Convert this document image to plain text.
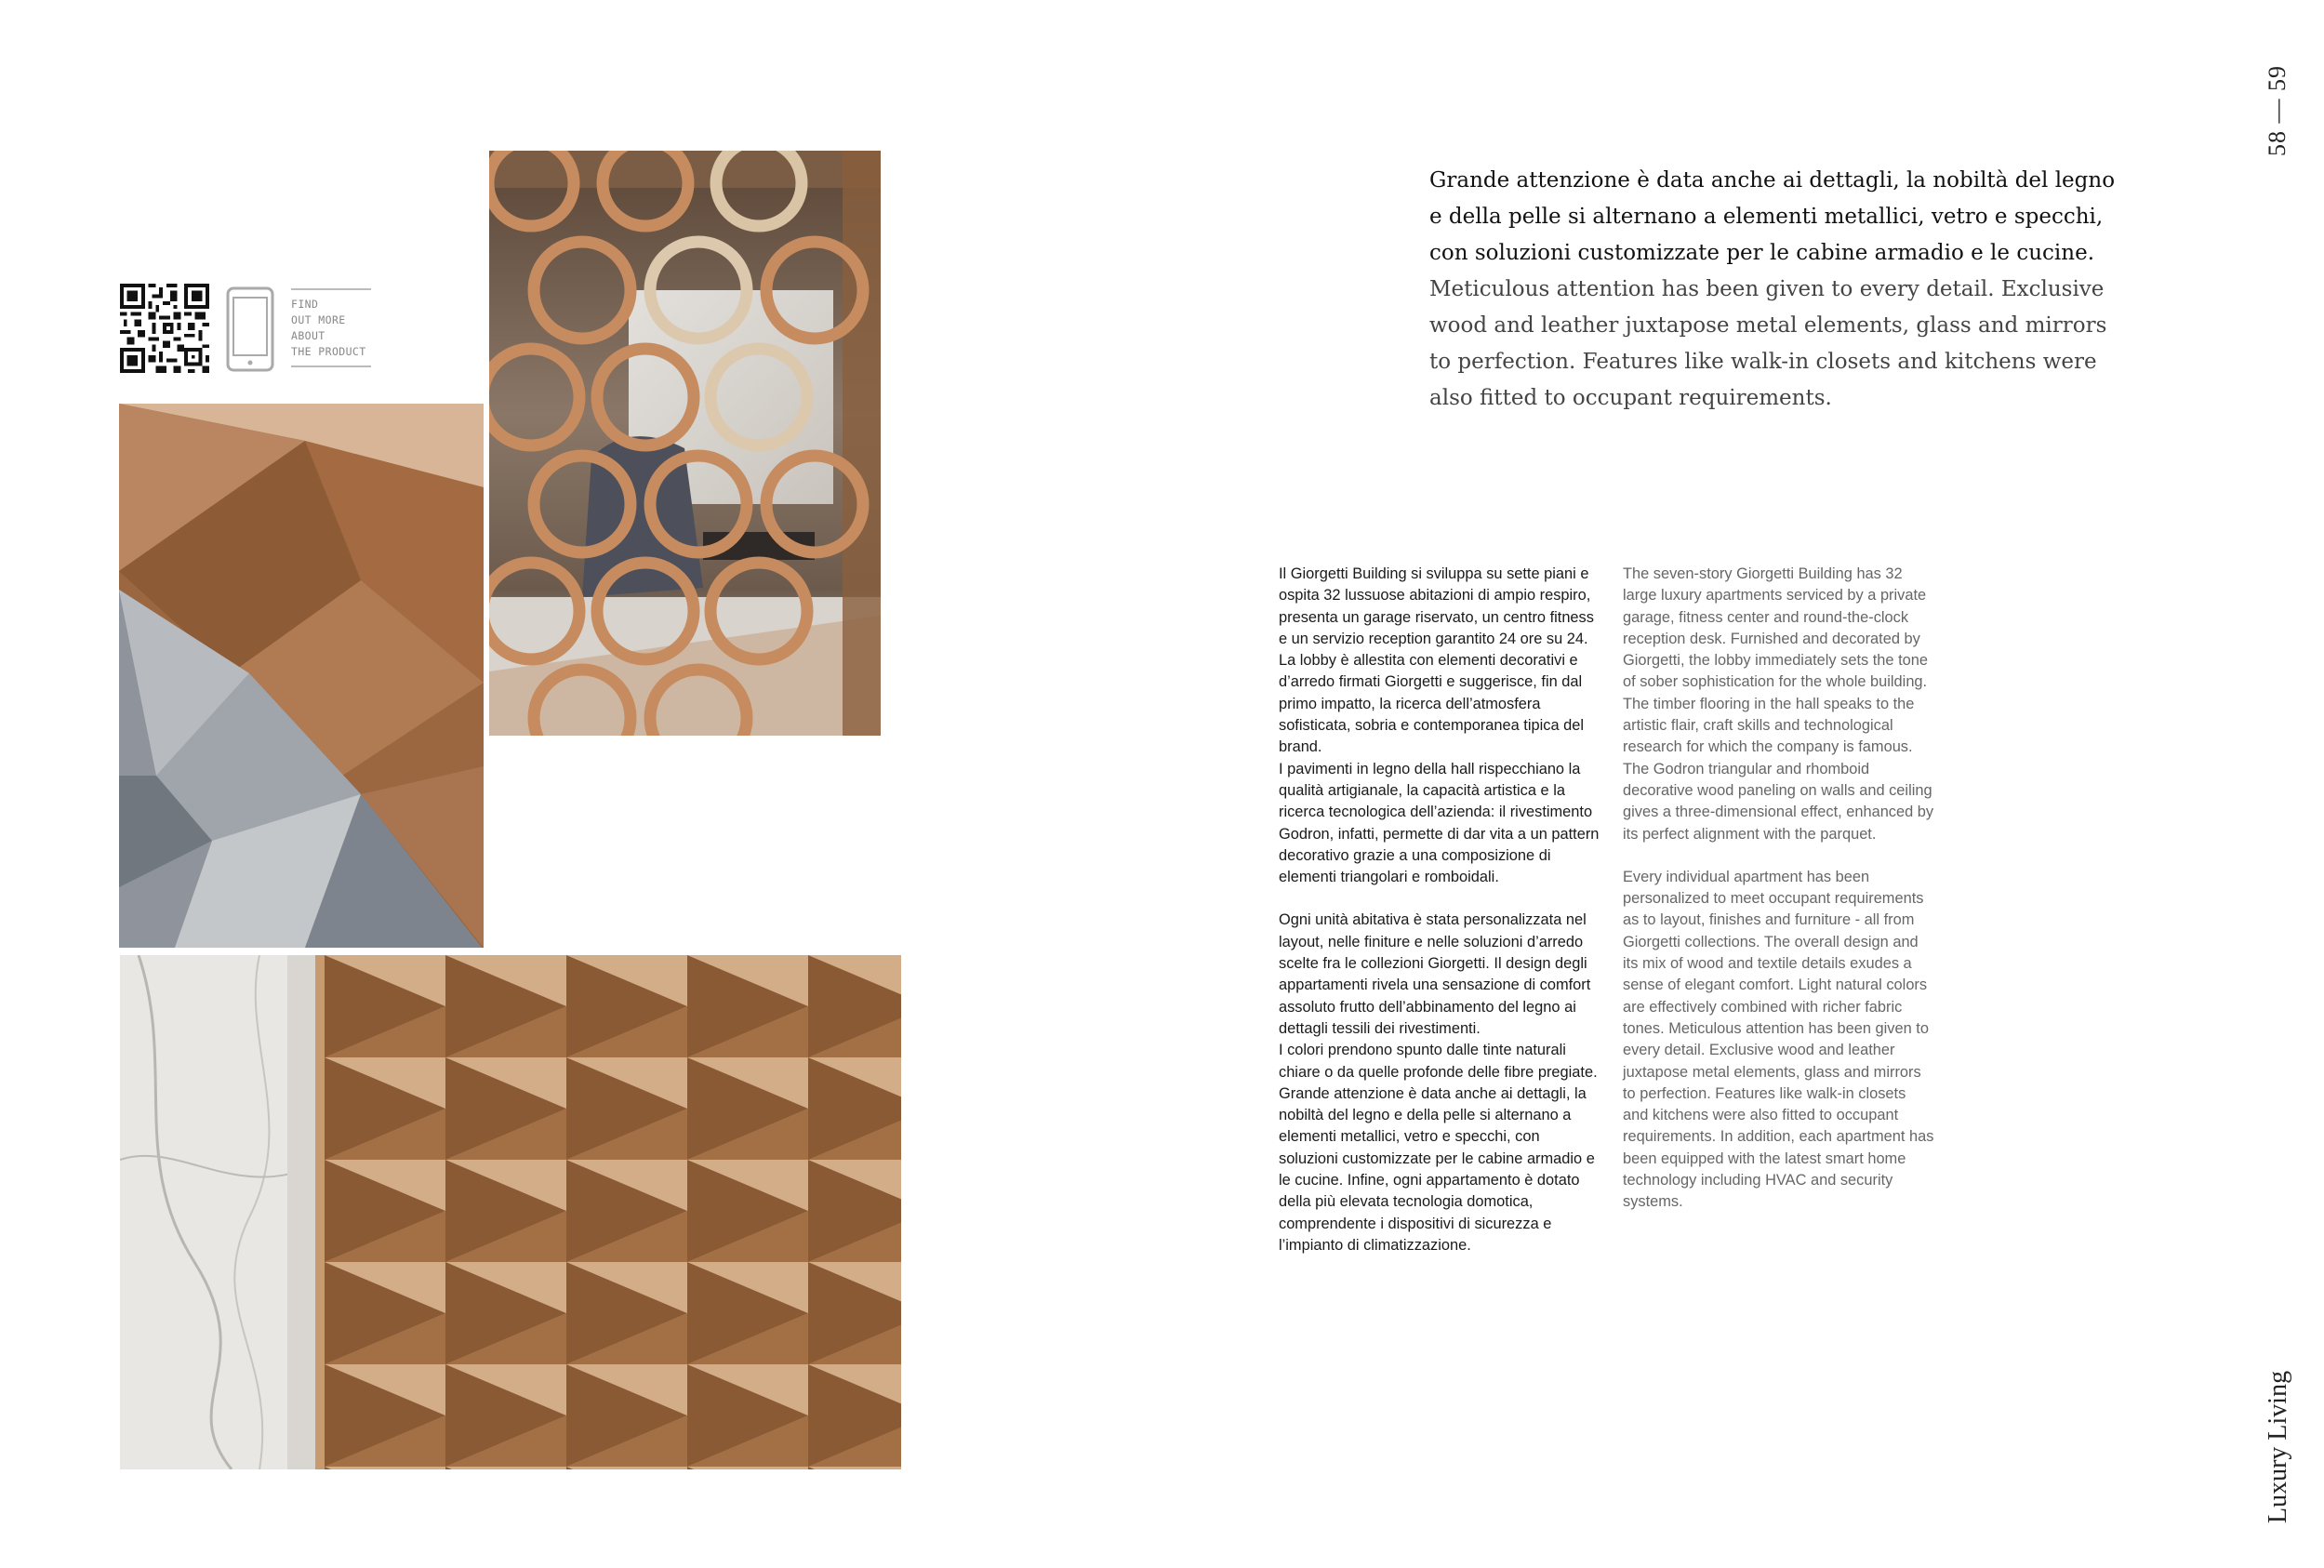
FIND
OUT MORE
ABOUT
THE PRODUCT
Grande attenzione è data anche ai dettagli, la nobiltà del legno e della pelle si alternano a elementi metallici, vetro e specchi, con soluzioni customizzate per le cabine armadio e le cucine. Meticulous attention has been given to every detail. Exclusive wood and leather juxtapose metal elements, glass and mirrors to perfection. Features like walk-in closets and kitchens were also fitted to occupant requirements.

Il Giorgetti Building si sviluppa su sette piani e ospita 32 lussuose abitazioni di ampio respiro, presenta un garage riservato, un centro fitness e un servizio reception garantito 24 ore su 24. La lobby è allestita con elementi decorativi e d’arredo firmati Giorgetti e suggerisce, fin dal primo impatto, la ricerca dell’atmosfera sofisticata, sobria e contemporanea tipica del brand.
I pavimenti in legno della hall rispecchiano la qualità artigianale, la capacità artistica e la ricerca tecnologica dell’azienda: il rivestimento Godron, infatti, permette di dar vita a un pattern decorativo grazie a una composizione di elementi triangolari e romboidali.

Ogni unità abitativa è stata personalizzata nel layout, nelle finiture e nelle soluzioni d’arredo scelte fra le collezioni Giorgetti. Il design degli appartamenti rivela una sensazione di comfort assoluto frutto dell’abbinamento del legno ai dettagli tessili dei rivestimenti.
I colori prendono spunto dalle tinte naturali chiare o da quelle profonde delle fibre pregiate. Grande attenzione è data anche ai dettagli, la nobiltà del legno e della pelle si alternano a elementi metallici, vetro e specchi, con soluzioni customizzate per le cabine armadio e le cucine. Infine, ogni appartamento è dotato della più elevata tecnologia domotica, comprendente i dispositivi di sicurezza e l’impianto di climatizzazione.

The seven-story Giorgetti Building has 32 large luxury apartments serviced by a private garage, fitness center and round-the-clock reception desk. Furnished and decorated by Giorgetti, the lobby immediately sets the tone of sober sophistication for the whole building. The timber flooring in the hall speaks to the artistic flair, craft skills and technological research for which the company is famous. The Godron triangular and rhomboid decorative wood paneling on walls and ceiling gives a three-dimensional effect, enhanced by its perfect alignment with the parquet.

Every individual apartment has been personalized to meet occupant requirements as to layout, finishes and furniture - all from Giorgetti collections. The overall design and its mix of wood and textile details exudes a sense of elegant comfort. Light natural colors are effectively combined with richer fabric tones. Meticulous attention has been given to every detail. Exclusive wood and leather juxtapose metal elements, glass and mirrors to perfection. Features like walk-in closets and kitchens were also fitted to occupant requirements. In addition, each apartment has been equipped with the latest smart home technology including HVAC and security systems.

58 — 59
Luxury Living
